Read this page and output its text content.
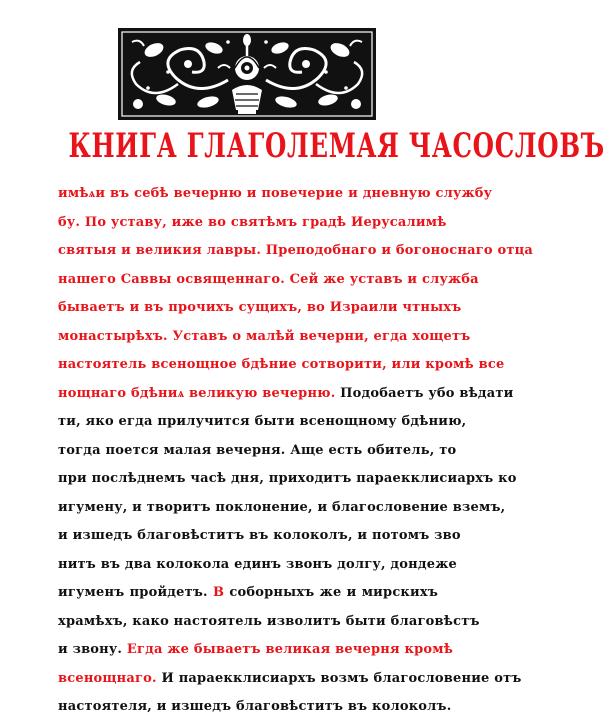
КНИГА ГЛАГОЛЕМАЯ ЧАСОСЛОВЪ
имѣѧи въ себѣ вечерню и повечерие и дневную службу
бу. По уставу, иже во святѣмъ градѣ Иерусалимѣ
святыя и великия лавры. Преподобнаго и богоноснаго отца
нашего Саввы освященнаго. Сей же уставъ и служба
бываетъ и въ прочихъ сущихъ, во Израили чтныхъ
монастырѣхъ. Уставъ о малѣй вечерни, егда хощетъ
настоятель всенощное бдѣние сотворити, или кромѣ все
нощнаго бдѣниѧ великую вечерню. Подобаетъ убо вѣдати
ти, яко егда прилучится быти всенощному бдѣнию,
тогда поется малая вечерня. Аще есть обитель, то
при послѣднемъ часѣ дня, приходитъ параекклисиархъ ко
игумену, и творитъ поклонение, и благословение вземъ,
и изшедъ благовѣститъ въ колоколъ, и потомъ зво
нитъ въ два колокола единъ звонъ долгу, дондеже
игуменъ пройдетъ. В соборныхъ же и мирскихъ
храмѣхъ, како настоятель изволитъ быти благовѣстъ
и звону. Егда же бываетъ великая вечерня кромѣ
всенощнаго. И параекклисиархъ возмъ благословение отъ
настоятеля, и изшедъ благовѣститъ въ колоколъ.
